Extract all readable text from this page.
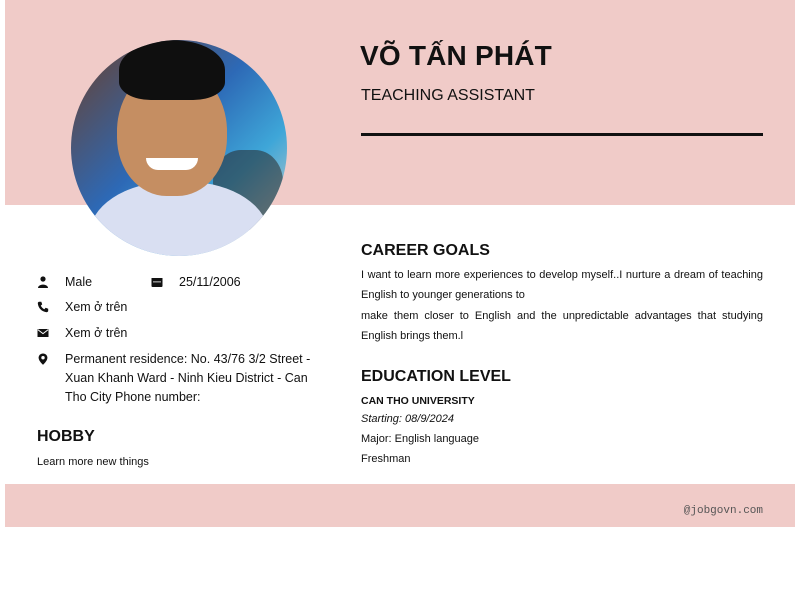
VÕ TẤN PHÁT
TEACHING ASSISTANT
Male	25/11/2006
Xem ở trên
Xem ở trên
Permanent residence: No. 43/76 3/2 Street - Xuan Khanh Ward - Ninh Kieu District - Can Tho City Phone number:
HOBBY
Learn more new things
CAREER GOALS
I want to learn more experiences to develop myself..I nurture a dream of teaching English to younger generations to
make them closer to English and the unpredictable advantages that studying English brings them.l
EDUCATION LEVEL
CAN THO UNIVERSITY
Starting: 08/9/2024
Major: English language
Freshman
@jobgovn.com
